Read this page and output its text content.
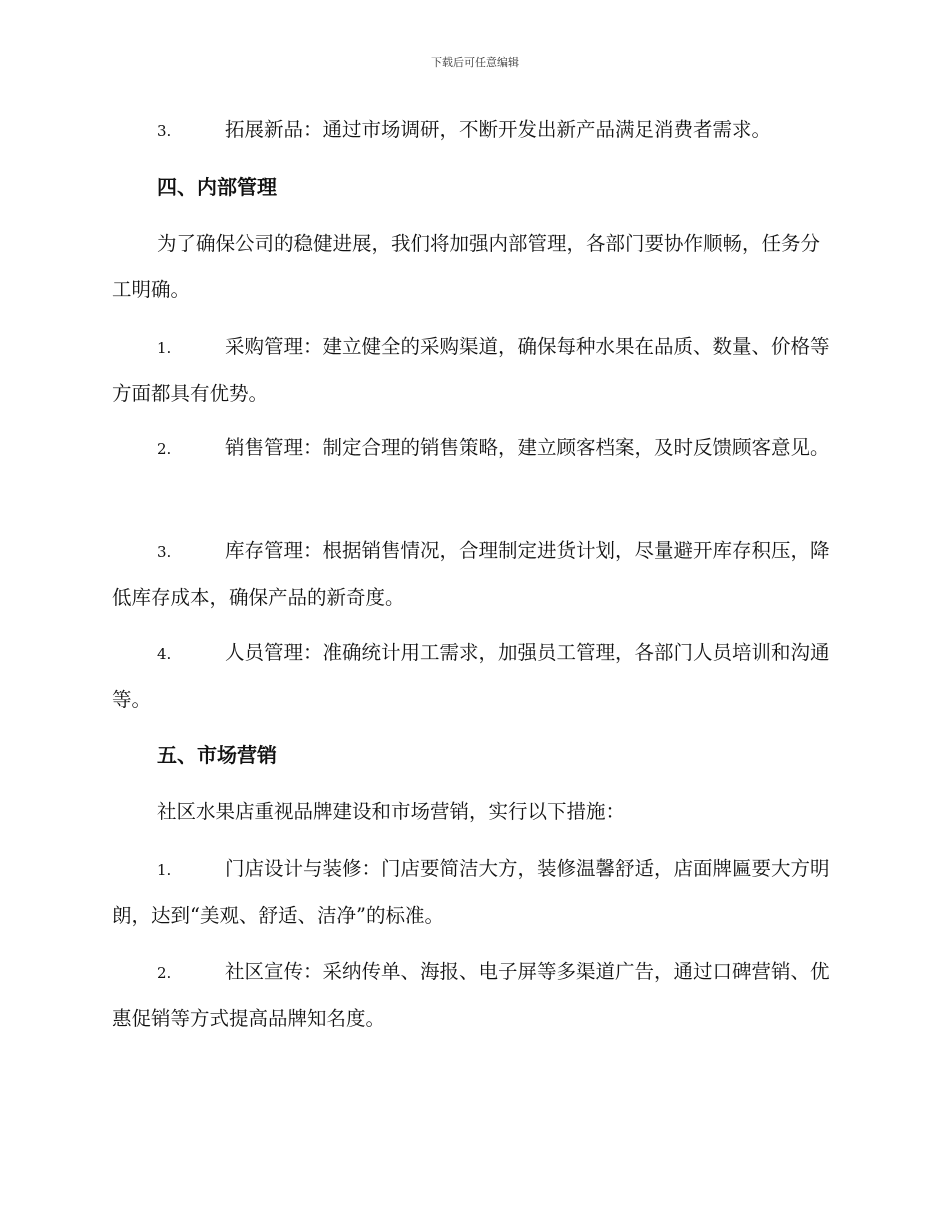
下载后可任意编辑
3.	拓展新品：通过市场调研，不断开发出新产品满足消费者需求。
四、内部管理

为了确保公司的稳健进展，我们将加强内部管理，各部门要协作顺畅，任务分工明确。

1.	采购管理：建立健全的采购渠道，确保每种水果在品质、数量、价格等方面都具有优势。
2.	销售管理：制定合理的销售策略，建立顾客档案，及时反馈顾客意见。
3.	库存管理：根据销售情况，合理制定进货计划，尽量避开库存积压，降低库存成本，确保产品的新奇度。
4.	人员管理：准确统计用工需求，加强员工管理，各部门人员培训和沟通等。
五、市场营销

社区水果店重视品牌建设和市场营销，实行以下措施：

1.	门店设计与装修：门店要简洁大方，装修温馨舒适，店面牌匾要大方明朗，达到“美观、舒适、洁净”的标准。
2.	社区宣传：采纳传单、海报、电子屏等多渠道广告，通过口碑营销、优惠促销等方式提高品牌知名度。
